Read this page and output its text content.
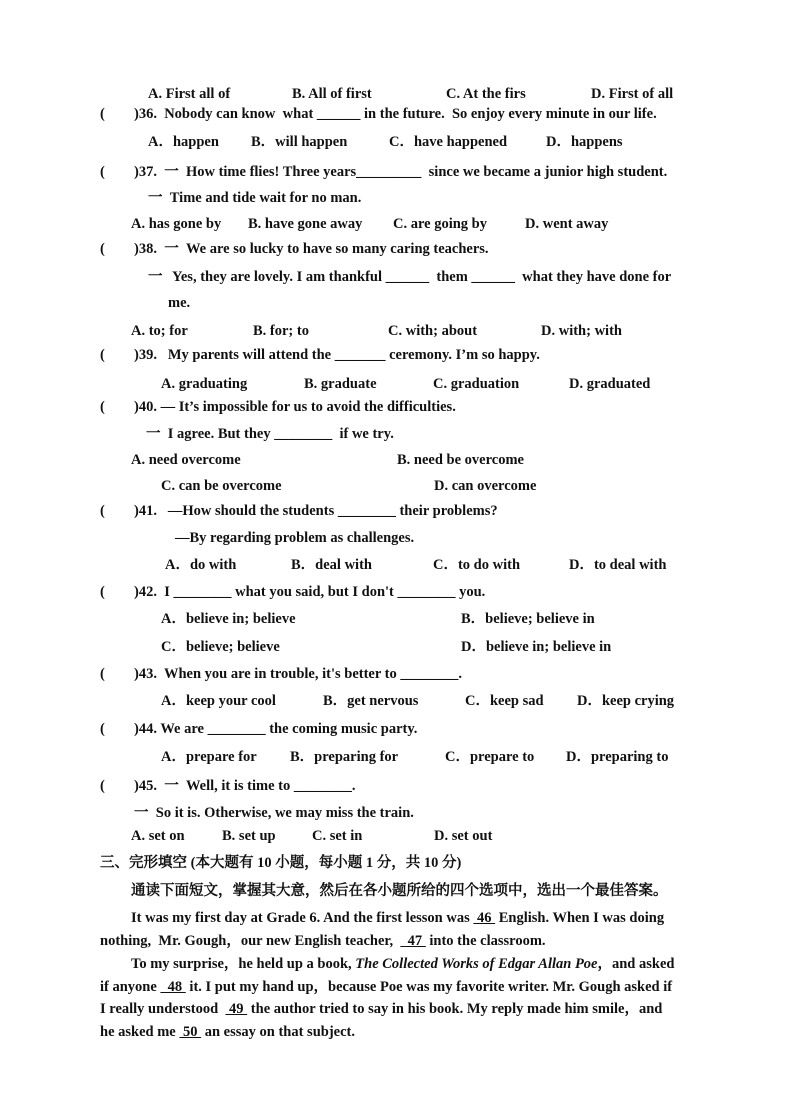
A. First all of	B. All of first	C. At the firs	D. First of all
( )36.  Nobody can know  what ______ in the future.  So enjoy every minute in our life.
A．happen B．will happen	C．have happened	D．happens
( )37.  一  How time flies! Three years_________  since we became a junior high student.
一  Time and tide wait for no man.
A. has gone by B. have gone away C. are going by	D. went away
( )38.  一  We are so lucky to have so many caring teachers.
一 Yes, they are lovely. I am thankful ______  them ______  what they have done for
me.
A. to; for	B. for; to	C. with; about	D. with; with
( )39.   My parents will attend the _______ ceremony. I’m so happy.
A. graduating	B. graduate	C. graduation	D. graduated
( )40. — It’s impossible for us to avoid the difficulties.
一  I agree. But they ________  if we try.
A. need overcome	B. need be overcome
C. can be overcome	D. can overcome
( )41.   —How should the students ________ their problems?
—By regarding problem as challenges.
A．do with	B．deal with	C．to do with	D．to deal with
( )42.  I ________ what you said, but I don't ________ you.
A．believe in; believe	B．believe; believe in
C．believe; believe	D．believe in; believe in
( )43.  When you are in trouble, it's better to ________.
A．keep your cool	B．get nervous	C．keep sad D．keep crying
( )44. We are ________ the coming music party.
A．prepare for B．preparing for	C．prepare to D．preparing to
( )45.  一  Well, it is time to ________.
一  So it is. Otherwise, we may miss the train.
A. set on	B. set up	C. set in	D. set out
三、完形填空 (本大题有 10 小题，每小题 1 分，共 10 分)
通读下面短文，掌握其大意，然后在各小题所给的四个选项中，选出一个最佳答案。
It was my first day at Grade 6. And the first lesson was  46  English. When I was doing
nothing,  Mr. Gough，our new English teacher,    47  into the classroom.
To my surprise，he held up a book, The Collected Works of Edgar Allan Poe，and asked
if anyone   48  it. I put my hand up，because Poe was my favorite writer. Mr. Gough asked if
I really understood   49  the author tried to say in his book. My reply made him smile，and
he asked me  50  an essay on that subject.
